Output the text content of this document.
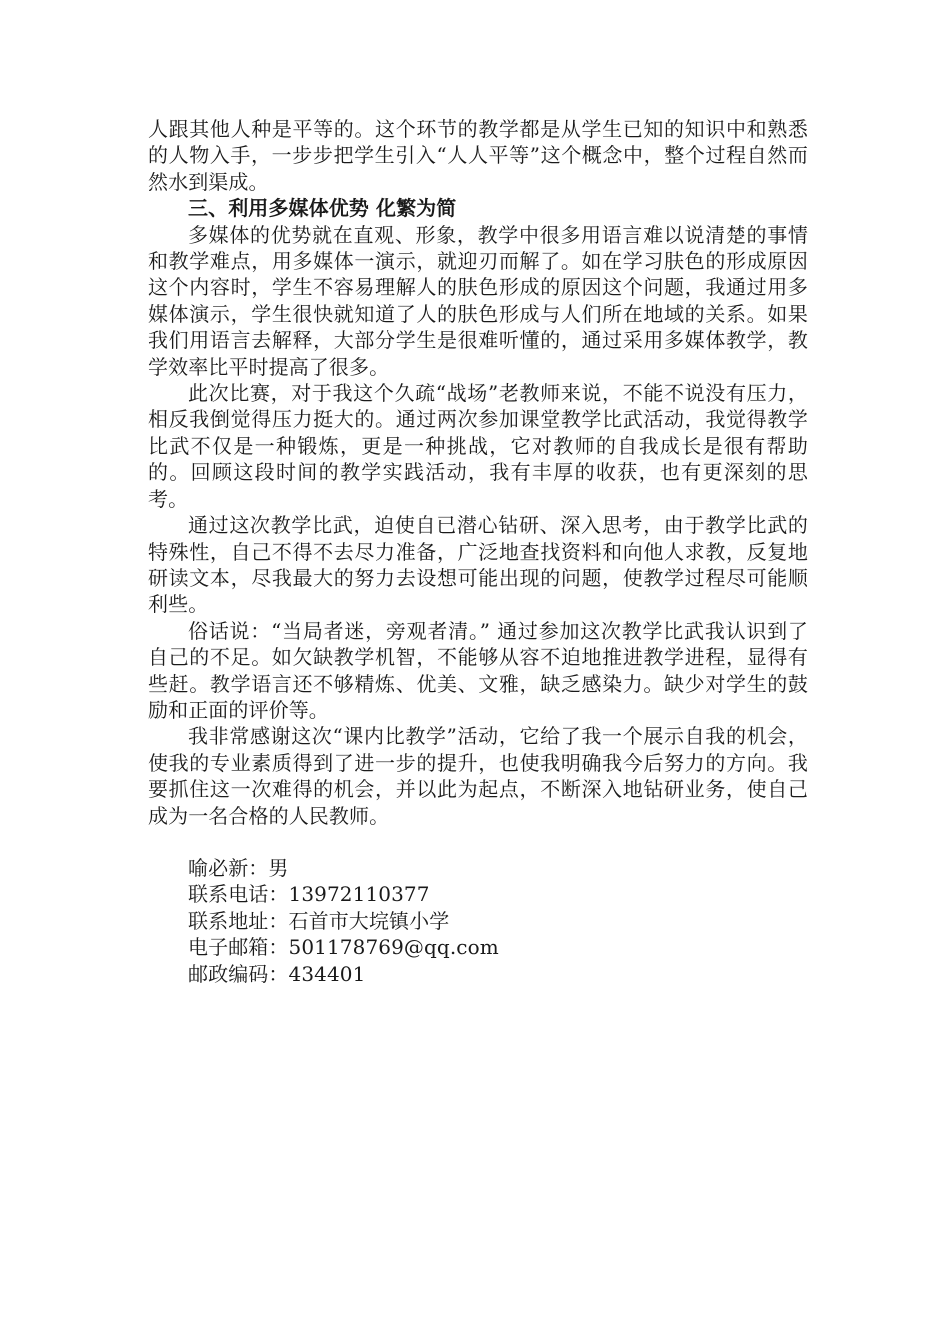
人跟其他人种是平等的。这个环节的教学都是从学生已知的知识中和熟悉的人物入手，一步步把学生引入“人人平等”这个概念中，整个过程自然而然水到渠成。

三、利用多媒体优势 化繁为简

多媒体的优势就在直观、形象，教学中很多用语言难以说清楚的事情和教学难点，用多媒体一演示，就迎刃而解了。如在学习肤色的形成原因这个内容时，学生不容易理解人的肤色形成的原因这个问题，我通过用多媒体演示，学生很快就知道了人的肤色形成与人们所在地域的关系。如果我们用语言去解释，大部分学生是很难听懂的，通过采用多媒体教学，教学效率比平时提高了很多。

此次比赛，对于我这个久疏“战场”老教师来说，不能不说没有压力，相反我倒觉得压力挺大的。通过两次参加课堂教学比武活动，我觉得教学比武不仅是一种锻炼，更是一种挑战，它对教师的自我成长是很有帮助的。回顾这段时间的教学实践活动，我有丰厚的收获，也有更深刻的思考。

通过这次教学比武，迫使自已潜心钻研、深入思考，由于教学比武的特殊性，自己不得不去尽力准备，广泛地查找资料和向他人求教，反复地研读文本，尽我最大的努力去设想可能出现的问题，使教学过程尽可能顺利些。

俗话说：“当局者迷，旁观者清。” 通过参加这次教学比武我认识到了自己的不足。如欠缺教学机智，不能够从容不迫地推进教学进程，显得有些赶。教学语言还不够精炼、优美、文雅，缺乏感染力。缺少对学生的鼓励和正面的评价等。

我非常感谢这次“课内比教学”活动，它给了我一个展示自我的机会，使我的专业素质得到了进一步的提升，也使我明确我今后努力的方向。我要抓住这一次难得的机会，并以此为起点，不断深入地钻研业务，使自己成为一名合格的人民教师。

喻必新：男

联系电话：13972110377

联系地址：石首市大垸镇小学

电子邮箱：501178769@qq.com

邮政编码：434401
